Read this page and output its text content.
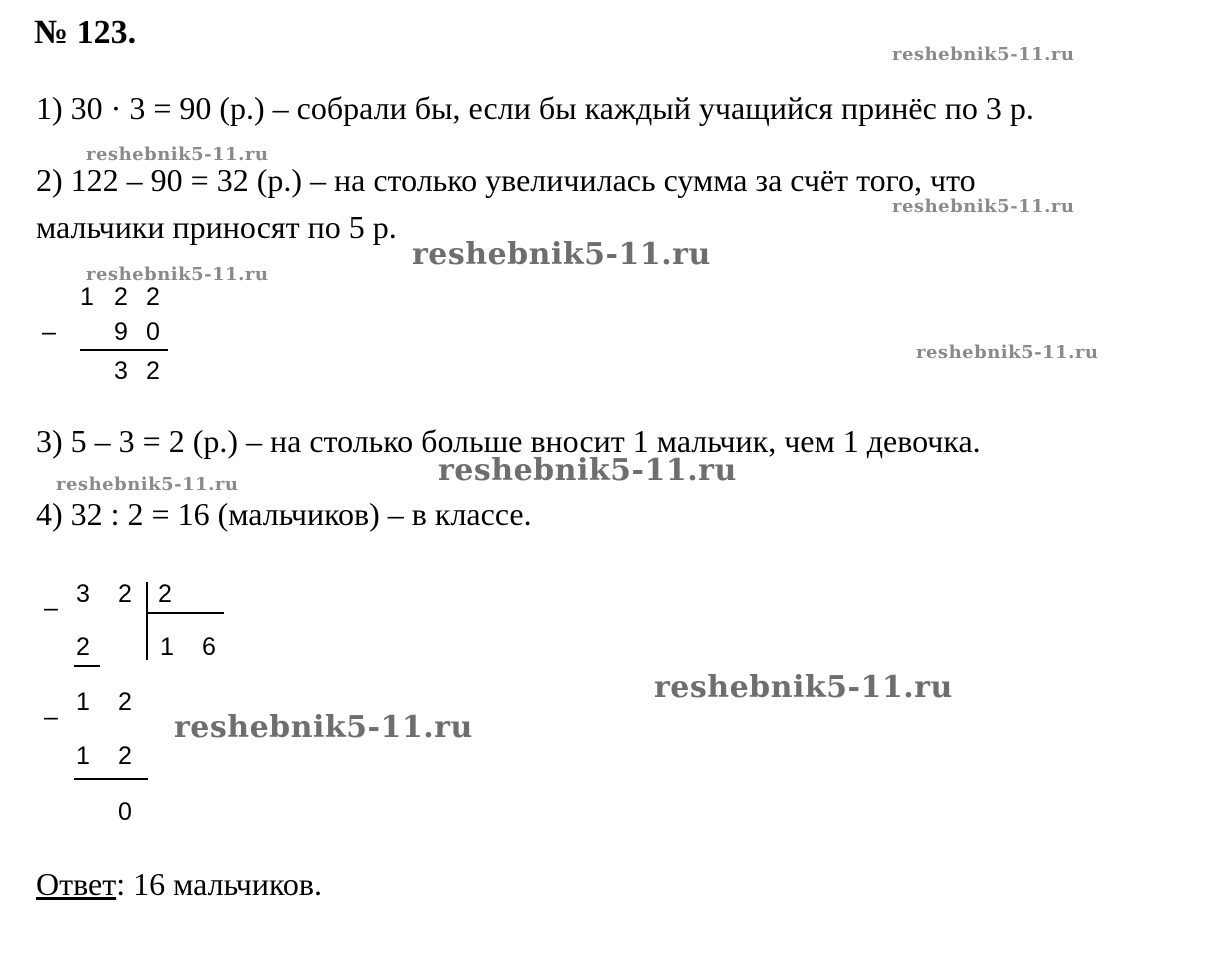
№ 123.
1) 30 · 3 = 90 (р.) – собрали бы, если бы каждый учащийся принёс по 3 р.
2) 122 – 90 = 32 (р.) – на столько увеличилась сумма за счёт того, что
мальчики приносят по 5 р.
3) 5 – 3 = 2 (р.) – на столько больше вносит 1 мальчик, чем 1 девочка.
4) 32 : 2 = 16 (мальчиков) – в классе.
1 2 2
– 9 0
3 2
3 2
–	2
1 6
2
1 2
–
1 2
0
Ответ: 16 мальчиков.
reshebnik5-11.ru
reshebnik5-11.ru
reshebnik5-11.ru
reshebnik5-11.ru
reshebnik5-11.ru
reshebnik5-11.ru
reshebnik5-11.ru
reshebnik5-11.ru
reshebnik5-11.ru
reshebnik5-11.ru
